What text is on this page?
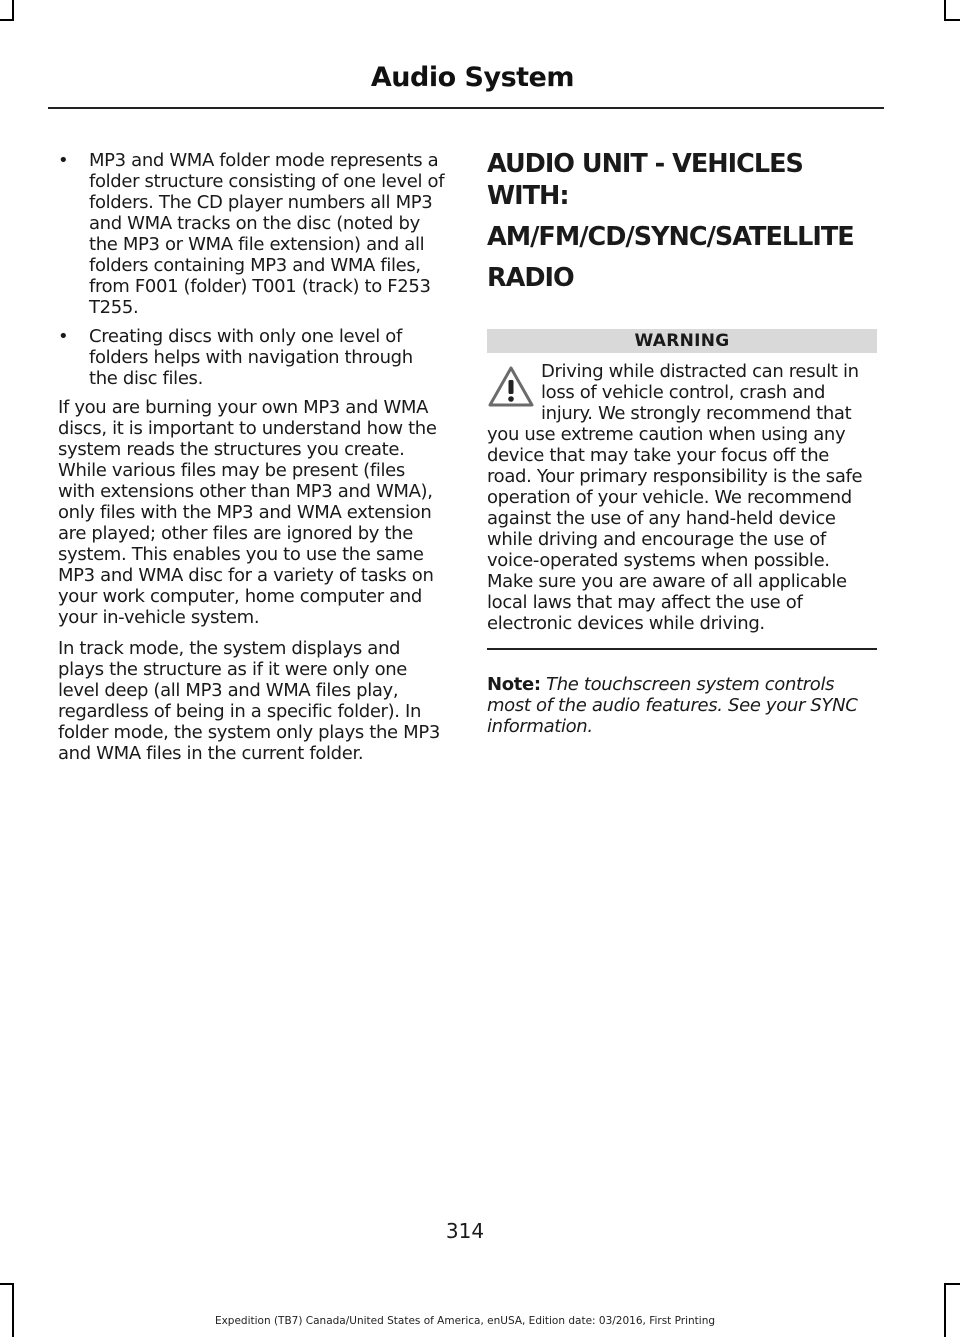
Audio System
• MP3 and WMA folder mode represents a folder structure consisting of one level of folders. The CD player numbers all MP3 and WMA tracks on the disc (noted by the MP3 or WMA file extension) and all folders containing MP3 and WMA files, from F001 (folder) T001 (track) to F253 T255.
• Creating discs with only one level of folders helps with navigation through the disc files.

If you are burning your own MP3 and WMA discs, it is important to understand how the system reads the structures you create. While various files may be present (files with extensions other than MP3 and WMA), only files with the MP3 and WMA extension are played; other files are ignored by the system. This enables you to use the same MP3 and WMA disc for a variety of tasks on your work computer, home computer and your in-vehicle system.

In track mode, the system displays and plays the structure as if it were only one level deep (all MP3 and WMA files play, regardless of being in a specific folder). In folder mode, the system only plays the MP3 and WMA files in the current folder.

AUDIO UNIT - VEHICLES WITH:
AM/FM/CD/SYNC/SATELLITE
RADIO
WARNING
Driving while distracted can result in loss of vehicle control, crash and injury. We strongly recommend that you use extreme caution when using any device that may take your focus off the road. Your primary responsibility is the safe operation of your vehicle. We recommend against the use of any hand-held device while driving and encourage the use of voice-operated systems when possible. Make sure you are aware of all applicable local laws that may affect the use of electronic devices while driving.

Note: The touchscreen system controls most of the audio features. See your SYNC information.

314
Expedition (TB7) Canada/United States of America, enUSA, Edition date: 03/2016, First Printing
